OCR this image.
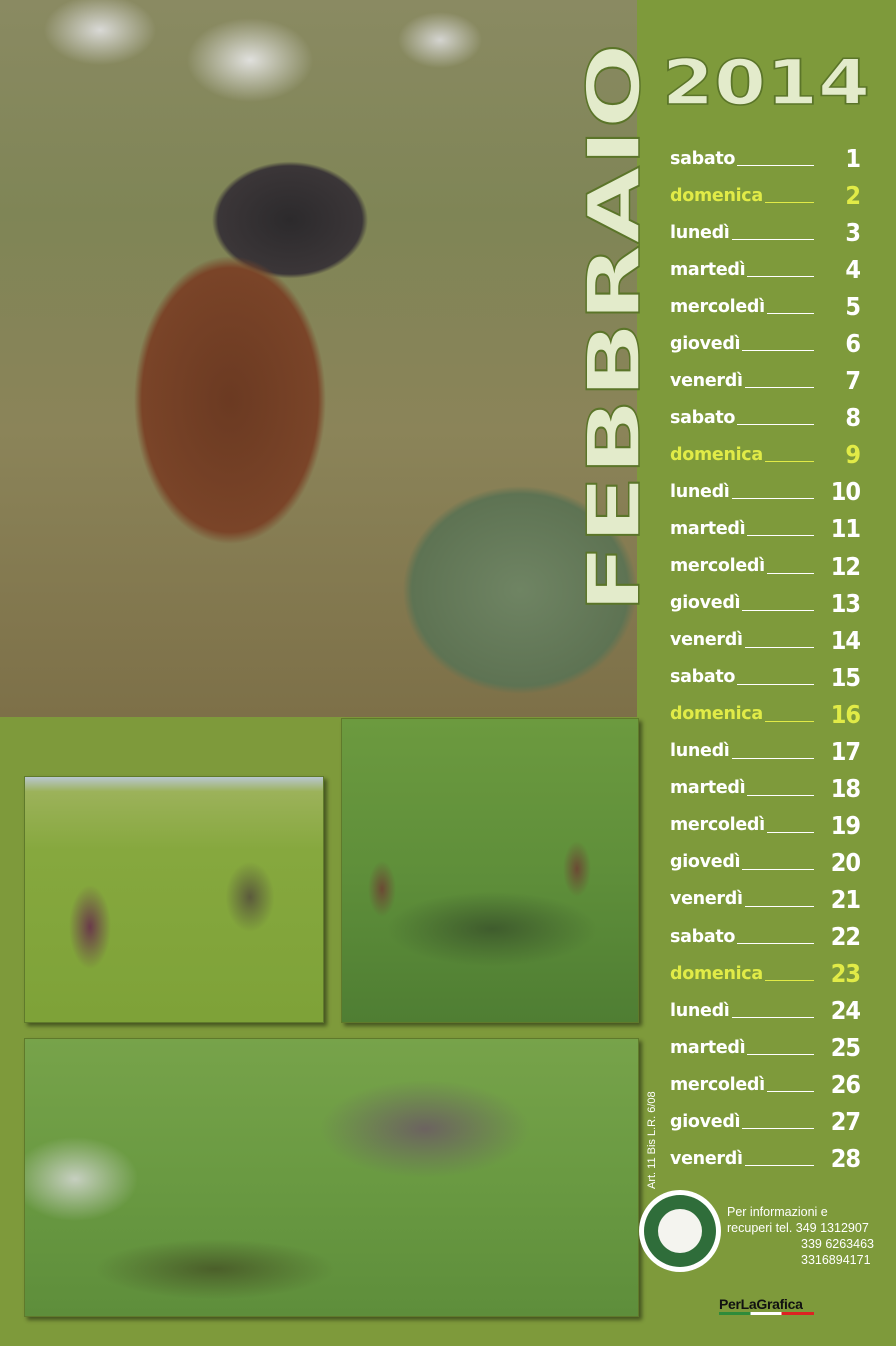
FEBBRAIO
2014
sabato	1
domenica	2
lunedì	3
martedì	4
mercoledì	5
giovedì	6
venerdì	7
sabato	8
domenica	9
lunedì	10
martedì	11
mercoledì	12
giovedì	13
venerdì	14
sabato	15
domenica	16
lunedì	17
martedì	18
mercoledì	19
giovedì	20
venerdì	21
sabato	22
domenica	23
lunedì	24
martedì	25
mercoledì	26
giovedì	27
venerdì	28
Art. 11 Bis L.R. 6/08
Per informazioni e
recuperi tel. 349 1312907
339 6263463
3316894171
PerLaGrafica
